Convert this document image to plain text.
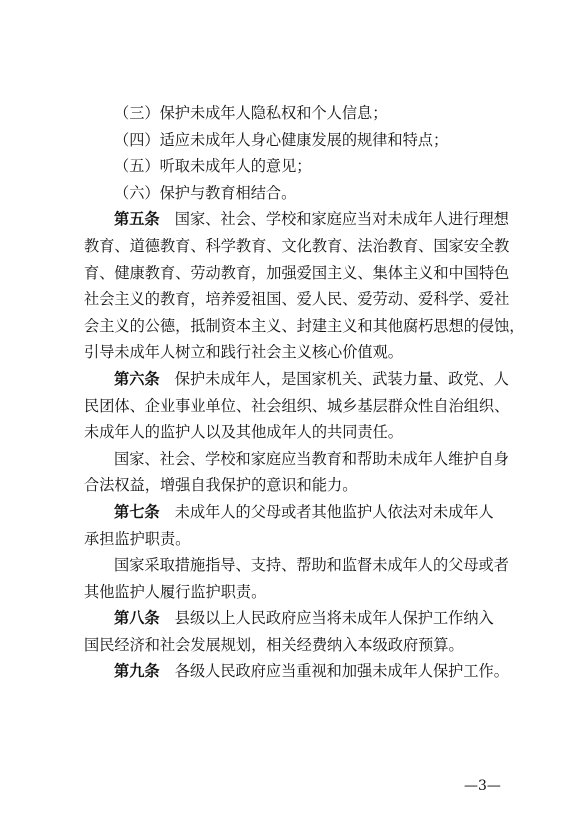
（三）保护未成年人隐私权和个人信息；

（四）适应未成年人身心健康发展的规律和特点；

（五）听取未成年人的意见；

（六）保护与教育相结合。

第五条　国家、社会、学校和家庭应当对未成年人进行理想

教育、道德教育、科学教育、文化教育、法治教育、国家安全教

育、健康教育、劳动教育，加强爱国主义、集体主义和中国特色

社会主义的教育，培养爱祖国、爱人民、爱劳动、爱科学、爱社

会主义的公德，抵制资本主义、封建主义和其他腐朽思想的侵蚀，

引导未成年人树立和践行社会主义核心价值观。

第六条　保护未成年人，是国家机关、武装力量、政党、人

民团体、企业事业单位、社会组织、城乡基层群众性自治组织、

未成年人的监护人以及其他成年人的共同责任。

国家、社会、学校和家庭应当教育和帮助未成年人维护自身

合法权益，增强自我保护的意识和能力。

第七条　未成年人的父母或者其他监护人依法对未成年人

承担监护职责。

国家采取措施指导、支持、帮助和监督未成年人的父母或者

其他监护人履行监护职责。

第八条　县级以上人民政府应当将未成年人保护工作纳入

国民经济和社会发展规划，相关经费纳入本级政府预算。

第九条　各级人民政府应当重视和加强未成年人保护工作。

—3—
